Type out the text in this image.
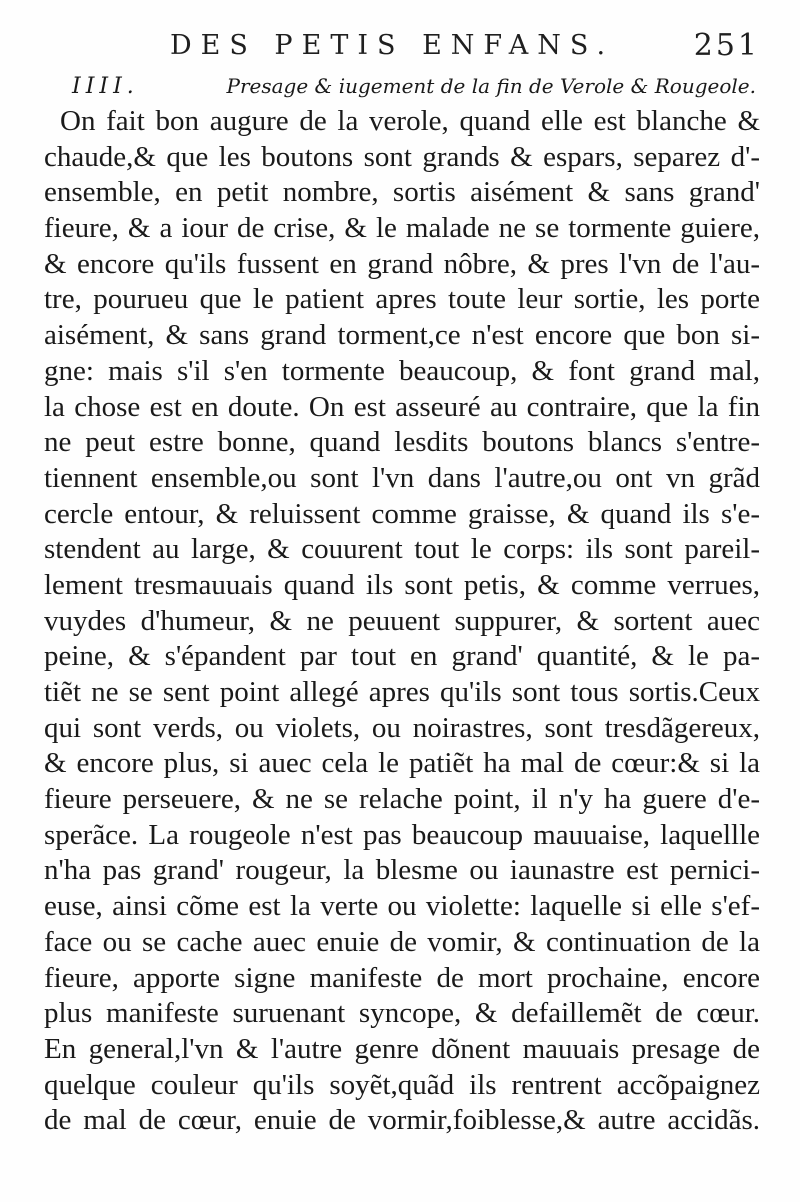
DES PETIS ENFANS.	251
IIII.	Presage & iugement de la fin de Verole & Rougeole.
On fait bon augure de la verole, quand elle est blanche &
chaude,& que les boutons sont grands & espars, separez d'-
ensemble, en petit nombre, sortis aisément & sans grand'
fieure, & a iour de crise, & le malade ne se tormente guiere,
& encore qu'ils fussent en grand nôbre, & pres l'vn de l'au-
tre, pourueu que le patient apres toute leur sortie, les porte
aisément, & sans grand torment,ce n'est encore que bon si-
gne: mais s'il s'en tormente beaucoup, & font grand mal,
la chose est en doute. On est asseuré au contraire, que la fin
ne peut estre bonne, quand lesdits boutons blancs s'entre-
tiennent ensemble,ou sont l'vn dans l'autre,ou ont vn grãd
cercle entour, & reluissent comme graisse, & quand ils s'e-
stendent au large, & couurent tout le corps: ils sont pareil-
lement tresmauuais quand ils sont petis, & comme verrues,
vuydes d'humeur, & ne peuuent suppurer, & sortent auec
peine, & s'épandent par tout en grand' quantité, & le pa-
tiẽt ne se sent point allegé apres qu'ils sont tous sortis.Ceux
qui sont verds, ou violets, ou noirastres, sont tresdãgereux,
& encore plus, si auec cela le patiẽt ha mal de cœur:& si la
fieure perseuere, & ne se relache point, il n'y ha guere d'e-
sperãce. La rougeole n'est pas beaucoup mauuaise, laquellle
n'ha pas grand' rougeur, la blesme ou iaunastre est pernici-
euse, ainsi cõme est la verte ou violette: laquelle si elle s'ef-
face ou se cache auec enuie de vomir, & continuation de la
fieure, apporte signe manifeste de mort prochaine, encore
plus manifeste suruenant syncope, & defaillemẽt de cœur.
En general,l'vn & l'autre genre dõnent mauuais presage de
quelque couleur qu'ils soyẽt,quãd ils rentrent accõpaignez
de mal de cœur, enuie de vormir,foiblesse,& autre accidãs.
